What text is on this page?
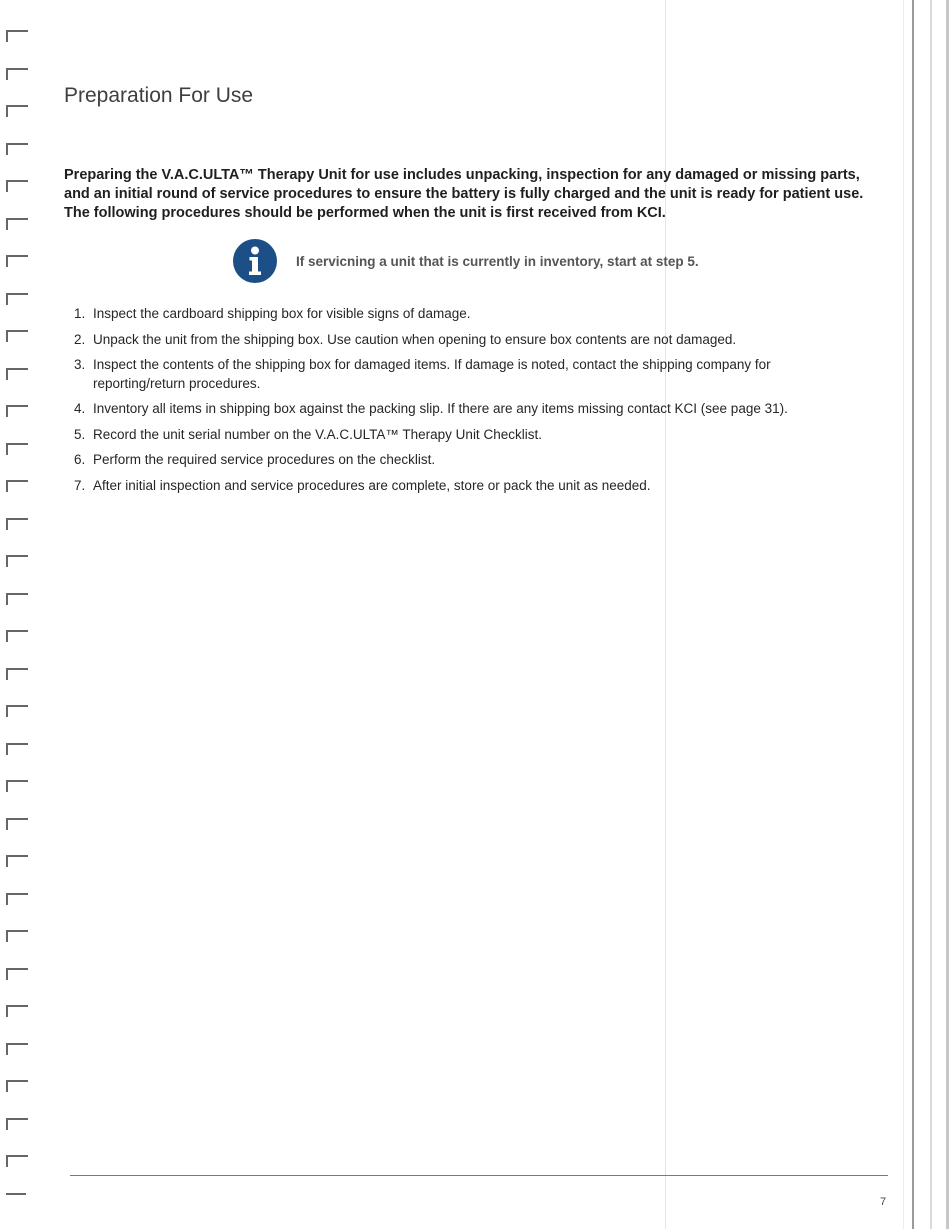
Preparation For Use

Preparing the V.A.C.ULTA™ Therapy Unit for use includes unpacking, inspection for any damaged or missing parts, and an initial round of service procedures to ensure the battery is fully charged and the unit is ready for patient use. The following procedures should be performed when the unit is first received from KCI.

If servicning a unit that is currently in inventory, start at step 5.
1. Inspect the cardboard shipping box for visible signs of damage.
2. Unpack the unit from the shipping box. Use caution when opening to ensure box contents are not damaged.
3. Inspect the contents of the shipping box for damaged items. If damage is noted, contact the shipping company for reporting/return procedures.
4. Inventory all items in shipping box against the packing slip. If there are any items missing contact KCI (see page 31).
5. Record the unit serial number on the V.A.C.ULTA™ Therapy Unit Checklist.
6. Perform the required service procedures on the checklist.
7. After initial inspection and service procedures are complete, store or pack the unit as needed.
7
